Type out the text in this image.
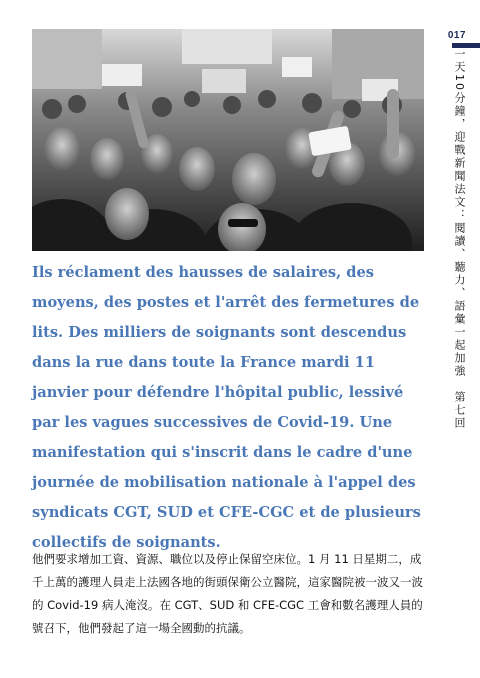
017
一天10分鐘，迎戰新聞法文：閱讀、聽力、語彙一起加強　第七回

Ils réclament des hausses de salaires, des moyens, des postes et l'arrêt des fermetures de lits. Des milliers de soignants sont descendus dans la rue dans toute la France mardi 11 janvier pour défendre l'hôpital public, lessivé par les vagues successives de Covid-19. Une manifestation qui s'inscrit dans le cadre d'une journée de mobilisation nationale à l'appel des syndicats CGT, SUD et CFE-CGC et de plusieurs collectifs de soignants.

他們要求增加工資、資源、職位以及停止保留空床位。1 月 11 日星期二，成千上萬的護理人員走上法國各地的街頭保衛公立醫院，這家醫院被一波又一波的 Covid-19 病人淹沒。在 CGT、SUD 和 CFE-CGC 工會和數名護理人員的號召下，他們發起了這一場全國動的抗議。
